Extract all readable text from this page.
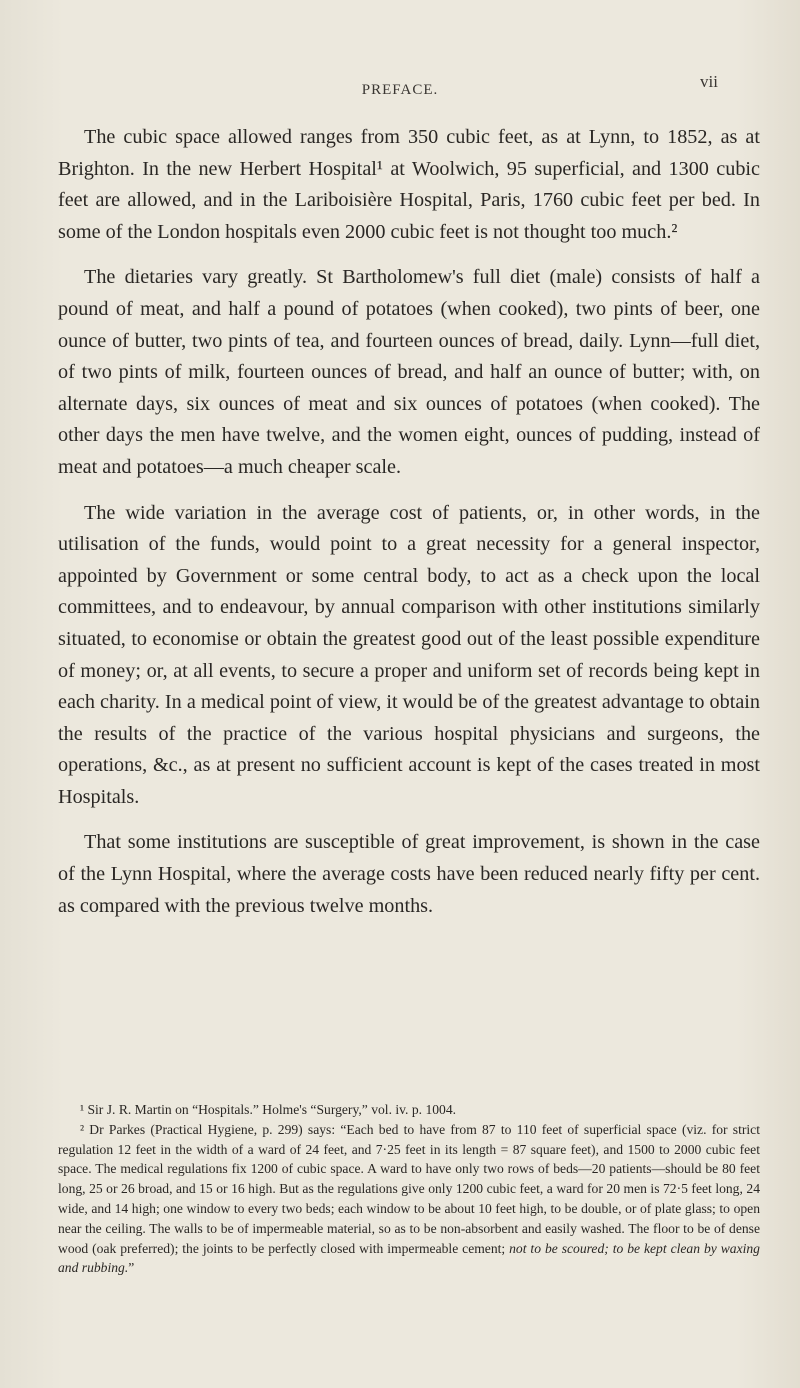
PREFACE.	vii

The cubic space allowed ranges from 350 cubic feet, as at Lynn, to 1852, as at Brighton. In the new Herbert Hospital¹ at Woolwich, 95 superficial, and 1300 cubic feet are allowed, and in the Lariboisière Hospital, Paris, 1760 cubic feet per bed. In some of the London hospitals even 2000 cubic feet is not thought too much.²

The dietaries vary greatly. St Bartholomew's full diet (male) consists of half a pound of meat, and half a pound of potatoes (when cooked), two pints of beer, one ounce of butter, two pints of tea, and fourteen ounces of bread, daily. Lynn—full diet, of two pints of milk, fourteen ounces of bread, and half an ounce of butter; with, on alternate days, six ounces of meat and six ounces of potatoes (when cooked). The other days the men have twelve, and the women eight, ounces of pudding, instead of meat and potatoes—a much cheaper scale.

The wide variation in the average cost of patients, or, in other words, in the utilisation of the funds, would point to a great necessity for a general inspector, appointed by Government or some central body, to act as a check upon the local committees, and to endeavour, by annual comparison with other institutions similarly situated, to economise or obtain the greatest good out of the least possible expenditure of money; or, at all events, to secure a proper and uniform set of records being kept in each charity. In a medical point of view, it would be of the greatest advantage to obtain the results of the practice of the various hospital physicians and surgeons, the operations, &c., as at present no sufficient account is kept of the cases treated in most Hospitals.

That some institutions are susceptible of great improvement, is shown in the case of the Lynn Hospital, where the average costs have been reduced nearly fifty per cent. as compared with the previous twelve months.

¹ Sir J. R. Martin on “Hospitals.” Holme's “Surgery,” vol. iv. p. 1004.

² Dr Parkes (Practical Hygiene, p. 299) says: “Each bed to have from 87 to 110 feet of superficial space (viz. for strict regulation 12 feet in the width of a ward of 24 feet, and 7·25 feet in its length = 87 square feet), and 1500 to 2000 cubic feet space. The medical regulations fix 1200 of cubic space. A ward to have only two rows of beds—20 patients—should be 80 feet long, 25 or 26 broad, and 15 or 16 high. But as the regulations give only 1200 cubic feet, a ward for 20 men is 72·5 feet long, 24 wide, and 14 high; one window to every two beds; each window to be about 10 feet high, to be double, or of plate glass; to open near the ceiling. The walls to be of impermeable material, so as to be non-absorbent and easily washed. The floor to be of dense wood (oak preferred); the joints to be perfectly closed with impermeable cement; not to be scoured; to be kept clean by waxing and rubbing.”
